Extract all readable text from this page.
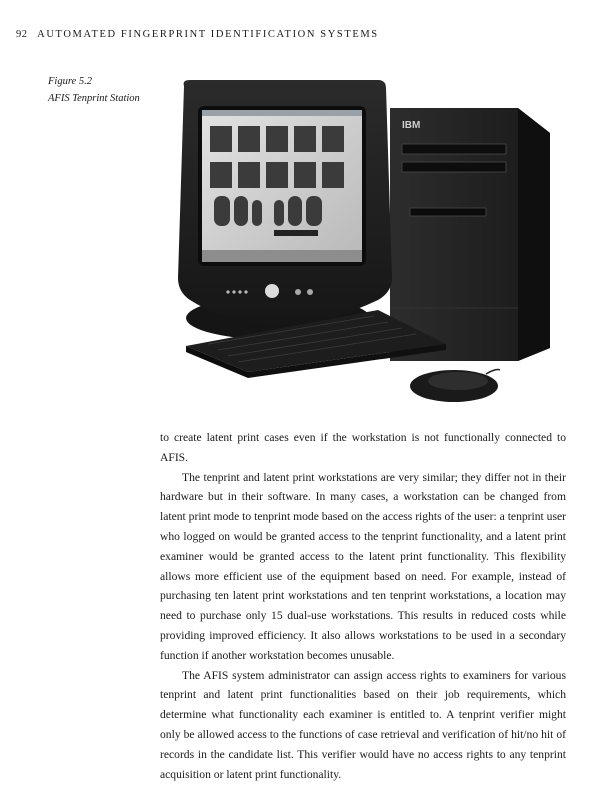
92 AUTOMATED FINGERPRINT IDENTIFICATION SYSTEMS
Figure 5.2
AFIS Tenprint Station
IBM

to create latent print cases even if the workstation is not functionally connected to AFIS.

The tenprint and latent print workstations are very similar; they differ not in their hardware but in their software. In many cases, a workstation can be changed from latent print mode to tenprint mode based on the access rights of the user: a tenprint user who logged on would be granted access to the tenprint functionality, and a latent print examiner would be granted access to the latent print functionality. This flexibility allows more efficient use of the equipment based on need. For example, instead of purchasing ten latent print workstations and ten tenprint workstations, a location may need to purchase only 15 dual-use workstations. This results in reduced costs while providing improved efficiency. It also allows workstations to be used in a secondary function if another workstation becomes unusable.

The AFIS system administrator can assign access rights to examiners for various tenprint and latent print functionalities based on their job requirements, which determine what functionality each examiner is entitled to. A tenprint verifier might only be allowed access to the functions of case retrieval and verification of hit/no hit of records in the candidate list. This verifier would have no access rights to any tenprint acquisition or latent print functionality.
